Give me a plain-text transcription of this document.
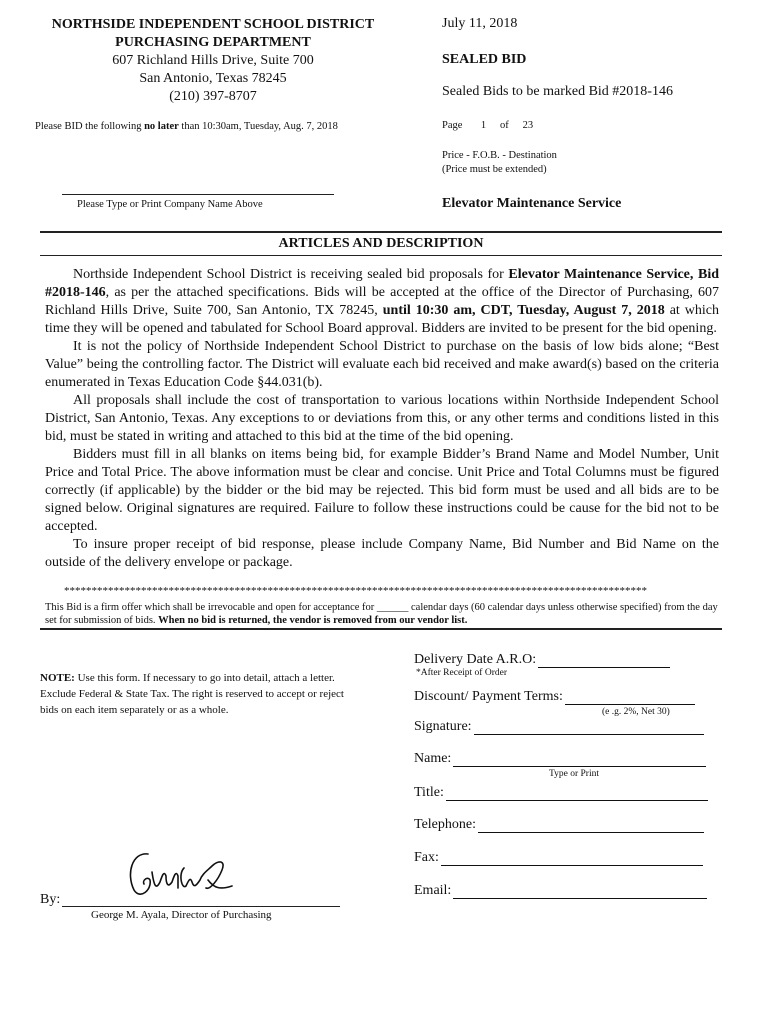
NORTHSIDE INDEPENDENT SCHOOL DISTRICT
PURCHASING DEPARTMENT
607 Richland Hills Drive, Suite 700
San Antonio, Texas 78245
(210) 397-8707
July 11, 2018
SEALED BID
Sealed Bids to be marked Bid #2018-146
Please BID the following no later than 10:30am, Tuesday, Aug. 7, 2018	Page 1 of 23
Price - F.O.B. - Destination
(Price must be extended)
Please Type or Print Company Name Above	Elevator Maintenance Service
ARTICLES AND DESCRIPTION

Northside Independent School District is receiving sealed bid proposals for Elevator Maintenance Service, Bid #2018-146, as per the attached specifications. Bids will be accepted at the office of the Director of Purchasing, 607 Richland Hills Drive, Suite 700, San Antonio, TX 78245, until 10:30 am, CDT, Tuesday, August 7, 2018 at which time they will be opened and tabulated for School Board approval. Bidders are invited to be present for the bid opening.

It is not the policy of Northside Independent School District to purchase on the basis of low bids alone; “Best Value” being the controlling factor. The District will evaluate each bid received and make award(s) based on the criteria enumerated in Texas Education Code §44.031(b).

All proposals shall include the cost of transportation to various locations within Northside Independent School District, San Antonio, Texas. Any exceptions to or deviations from this, or any other terms and conditions listed in this bid, must be stated in writing and attached to this bid at the time of the bid opening.

Bidders must fill in all blanks on items being bid, for example Bidder’s Brand Name and Model Number, Unit Price and Total Price. The above information must be clear and concise. Unit Price and Total Columns must be figured correctly (if applicable) by the bidder or the bid may be rejected. This bid form must be used and all bids are to be signed below. Original signatures are required. Failure to follow these instructions could be cause for the bid not to be accepted.

To insure proper receipt of bid response, please include Company Name, Bid Number and Bid Name on the outside of the delivery envelope or package.

**********************************************************************************************************
This Bid is a firm offer which shall be irrevocable and open for acceptance for ______ calendar days (60 calendar days unless otherwise specified) from the day set for submission of bids. When no bid is returned, the vendor is removed from our vendor list.
NOTE: Use this form. If necessary to go into detail, attach a letter. Exclude Federal & State Tax. The right is reserved to accept or reject bids on each item separately or as a whole.
Delivery Date A.R.O:
*After Receipt of Order
Discount/ Payment Terms:
(e .g. 2%, Net 30)
Signature:
Name:
Type or Print
Title:
Telephone:
Fax:
Email:
By:
George M. Ayala, Director of Purchasing
